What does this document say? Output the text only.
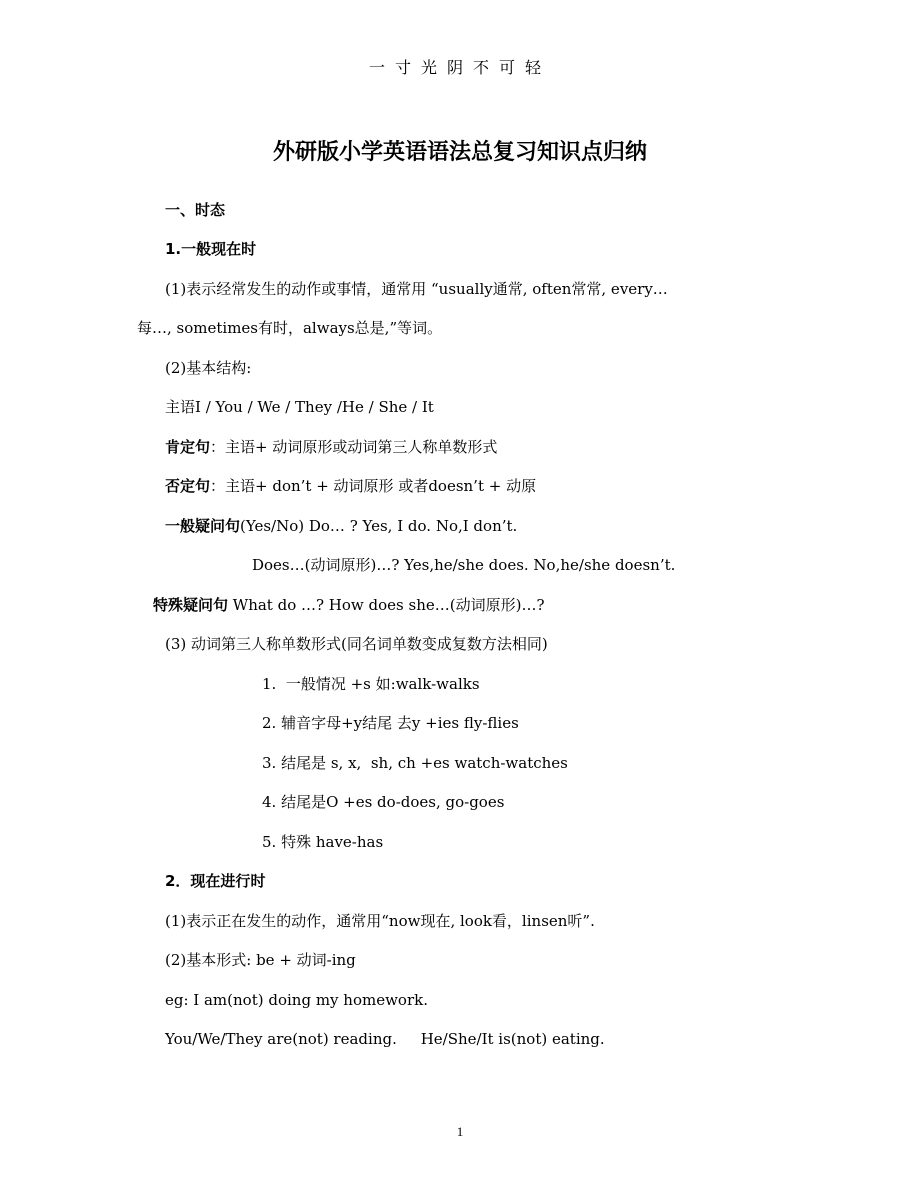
一寸光阴不可轻
外研版小学英语语法总复习知识点归纳
一、时态
1.一般现在时
(1)表示经常发生的动作或事情，通常用 “usually通常, often常常, every…
每…, sometimes有时，always总是,”等词。
(2)基本结构:
主语I / You / We / They /He / She / It
肯定句：主语+ 动词原形或动词第三人称单数形式
否定句：主语+ don’t + 动词原形 或者doesn’t + 动原
一般疑问句(Yes/No) Do… ? Yes, I do. No,I don’t.
Does…(动词原形)…? Yes,he/she does. No,he/she doesn’t.
特殊疑问句 What do …? How does she…(动词原形)…?
(3) 动词第三人称单数形式(同名词单数变成复数方法相同)
1.  一般情况 +s 如:walk-walks
2. 辅音字母+y结尾 去y +ies fly-flies
3. 结尾是 s, x,  sh, ch +es watch-watches
4. 结尾是O +es do-does, go-goes
5. 特殊 have-has
2．现在进行时
(1)表示正在发生的动作，通常用“now现在, look看，linsen听”.
(2)基本形式: be + 动词-ing
eg: I am(not) doing my homework.
You/We/They are(not) reading.     He/She/It is(not) eating.
1
